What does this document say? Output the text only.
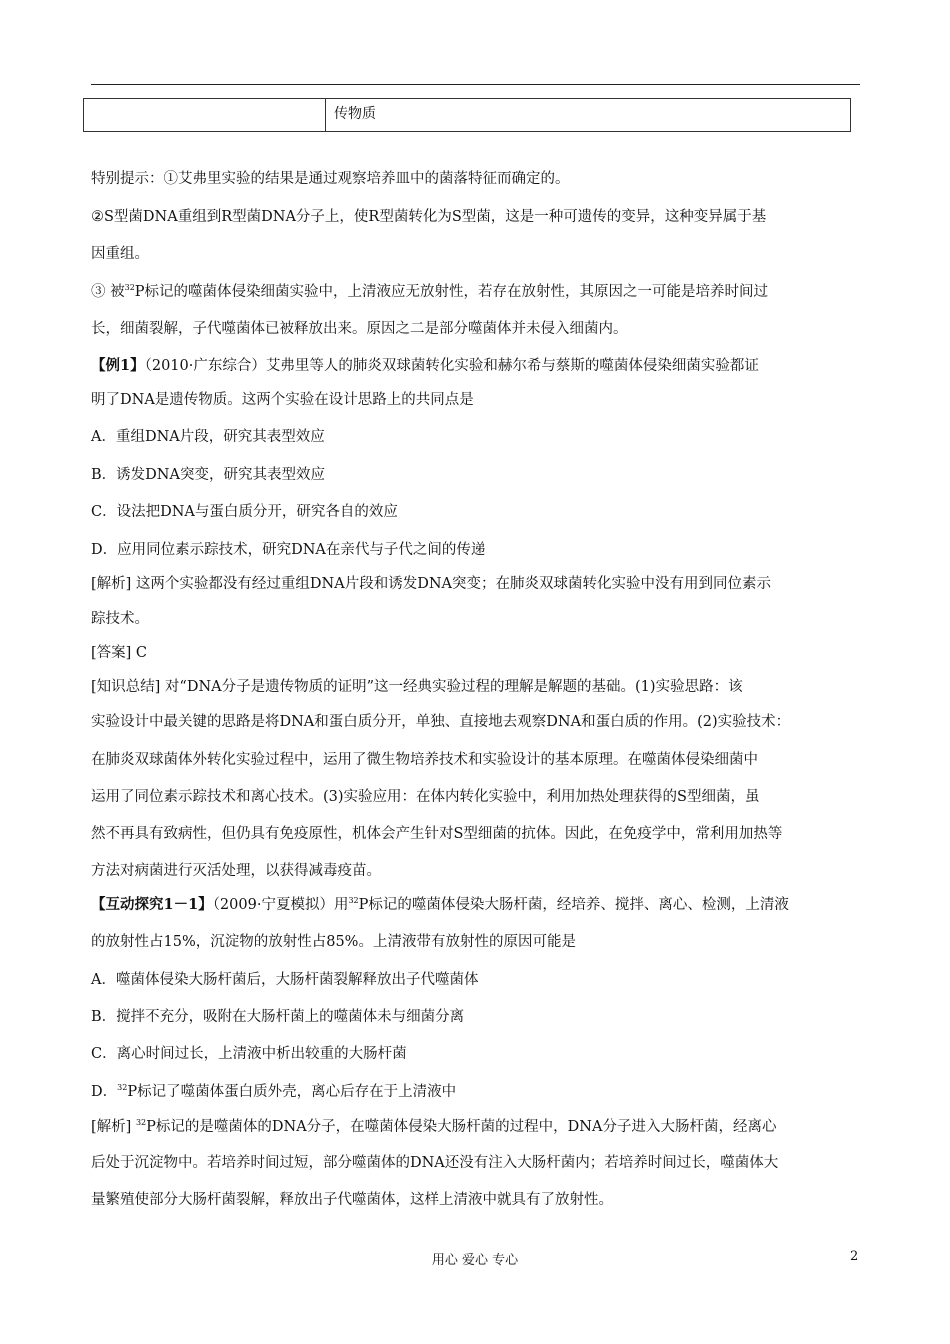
传物质
特别提示：①艾弗里实验的结果是通过观察培养皿中的菌落特征而确定的。
②S型菌DNA重组到R型菌DNA分子上，使R型菌转化为S型菌，这是一种可遗传的变异，这种变异属于基
因重组。
③ 被$^{32}$P标记的噬菌体侵染细菌实验中，上清液应无放射性，若存在放射性，其原因之一可能是培养时间过
长，细菌裂解，子代噬菌体已被释放出来。原因之二是部分噬菌体并未侵入细菌内。
【例1】（2010·广东综合）艾弗里等人的肺炎双球菌转化实验和赫尔希与蔡斯的噬菌体侵染细菌实验都证
明了DNA是遗传物质。这两个实验在设计思路上的共同点是
A．重组DNA片段，研究其表型效应
B．诱发DNA突变，研究其表型效应
C．设法把DNA与蛋白质分开，研究各自的效应
D．应用同位素示踪技术，研究DNA在亲代与子代之间的传递
[解析] 这两个实验都没有经过重组DNA片段和诱发DNA突变；在肺炎双球菌转化实验中没有用到同位素示
踪技术。
[答案] C
[知识总结] 对“DNA分子是遗传物质的证明”这一经典实验过程的理解是解题的基础。(1)实验思路：该
实验设计中最关键的思路是将DNA和蛋白质分开，单独、直接地去观察DNA和蛋白质的作用。(2)实验技术：
在肺炎双球菌体外转化实验过程中，运用了微生物培养技术和实验设计的基本原理。在噬菌体侵染细菌中
运用了同位素示踪技术和离心技术。(3)实验应用：在体内转化实验中，利用加热处理获得的S型细菌，虽
然不再具有致病性，但仍具有免疫原性，机体会产生针对S型细菌的抗体。因此，在免疫学中，常利用加热等
方法对病菌进行灭活处理，以获得减毒疫苗。
【互动探究1－1】（2009·宁夏模拟）用$^{32}$P标记的噬菌体侵染大肠杆菌，经培养、搅拌、离心、检测，上清液
的放射性占15%，沉淀物的放射性占85%。上清液带有放射性的原因可能是
A．噬菌体侵染大肠杆菌后，大肠杆菌裂解释放出子代噬菌体
B．搅拌不充分，吸附在大肠杆菌上的噬菌体未与细菌分离
C．离心时间过长，上清液中析出较重的大肠杆菌
D．$^{32}$P标记了噬菌体蛋白质外壳，离心后存在于上清液中
[解析] $^{32}$P标记的是噬菌体的DNA分子，在噬菌体侵染大肠杆菌的过程中，DNA分子进入大肠杆菌，经离心
后处于沉淀物中。若培养时间过短，部分噬菌体的DNA还没有注入大肠杆菌内；若培养时间过长，噬菌体大
量繁殖使部分大肠杆菌裂解，释放出子代噬菌体，这样上清液中就具有了放射性。
用心 爱心 专心	2
